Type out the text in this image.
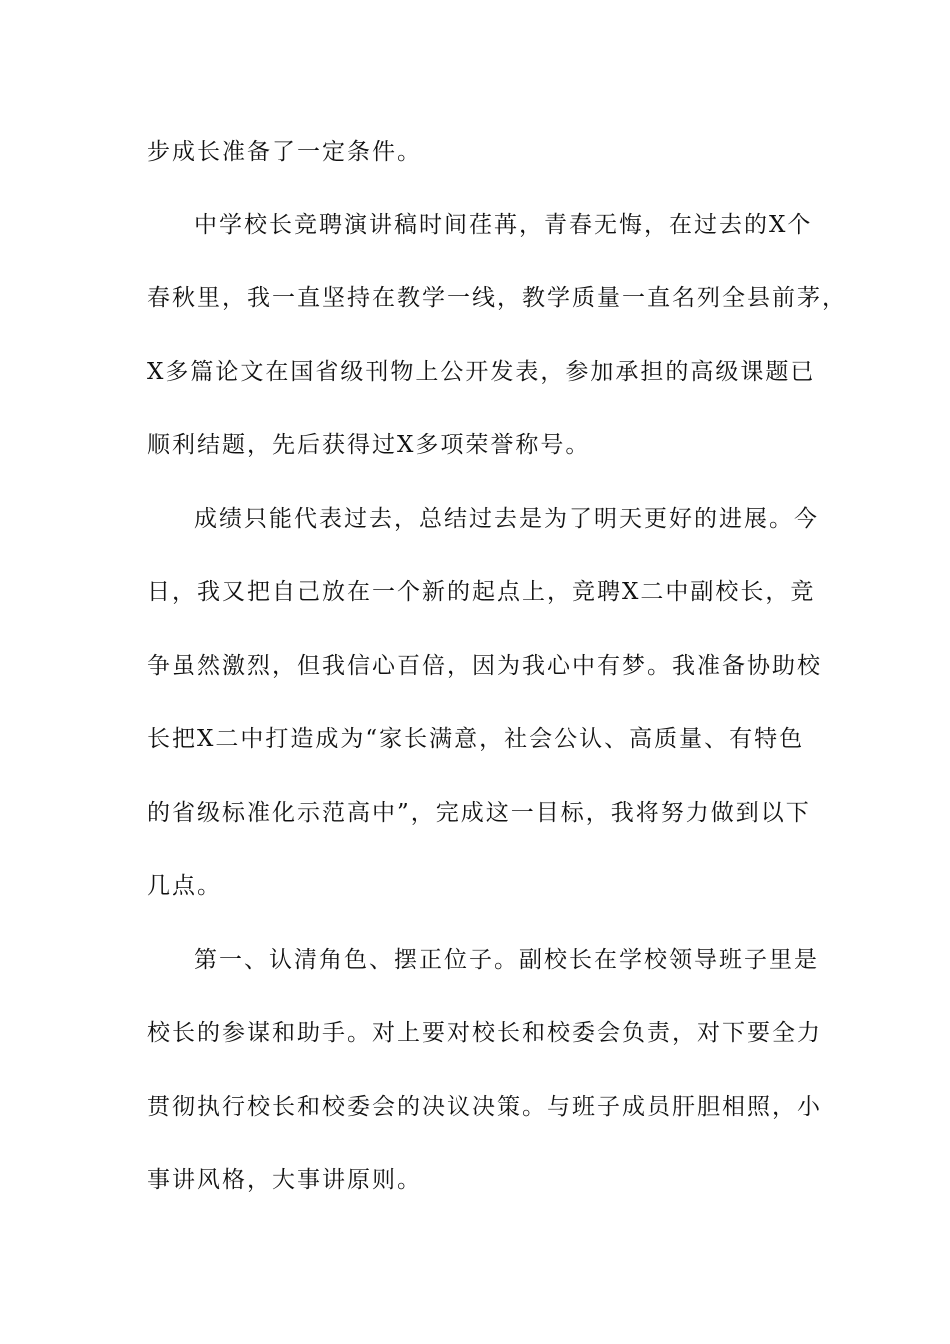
步成长准备了一定条件。
中学校长竞聘演讲稿时间荏苒，青春无悔，在过去的X个
春秋里，我一直坚持在教学一线，教学质量一直名列全县前茅，
X多篇论文在国省级刊物上公开发表，参加承担的高级课题已
顺利结题，先后获得过X多项荣誉称号。
成绩只能代表过去，总结过去是为了明天更好的进展。今
日，我又把自己放在一个新的起点上，竞聘X二中副校长，竞
争虽然激烈，但我信心百倍，因为我心中有梦。我准备协助校
长把X二中打造成为“家长满意，社会公认、高质量、有特色
的省级标准化示范高中”，完成这一目标，我将努力做到以下
几点。
第一、认清角色、摆正位子。副校长在学校领导班子里是
校长的参谋和助手。对上要对校长和校委会负责，对下要全力
贯彻执行校长和校委会的决议决策。与班子成员肝胆相照，小
事讲风格，大事讲原则。
